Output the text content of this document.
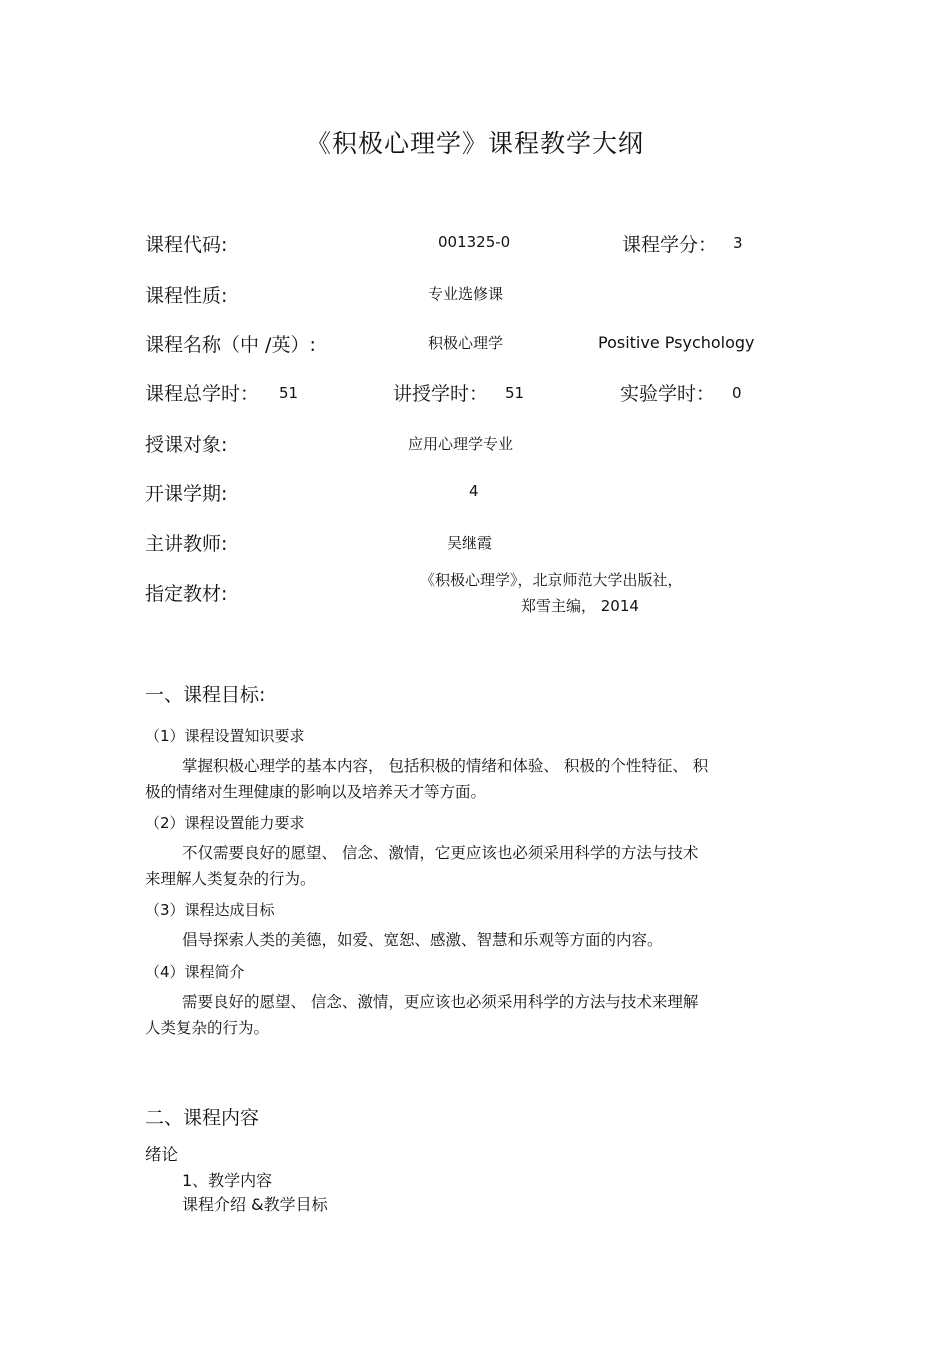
《积极心理学》课程教学大纲
课程代码:	001325-0	课程学分： 3
课程性质:	专业选修课
课程名称（中 /英）:	积极心理学	Positive Psychology
课程总学时： 51	讲授学时： 51	实验学时： 0
授课对象:	应用心理学专业
开课学期:	4
主讲教师:	吴继霞
指定教材:
《积极心理学》，北京师范大学出版社，
郑雪主编， 2014
一、课程目标:
（1）课程设置知识要求
掌握积极心理学的基本内容， 包括积极的情绪和体验、 积极的个性特征、 积
极的情绪对生理健康的影响以及培养天才等方面。
（2）课程设置能力要求
不仅需要良好的愿望、 信念、激情，它更应该也必须采用科学的方法与技术
来理解人类复杂的行为。
（3）课程达成目标
倡导探索人类的美德，如爱、宽恕、感激、智慧和乐观等方面的内容。
（4）课程简介
需要良好的愿望、 信念、激情，更应该也必须采用科学的方法与技术来理解
人类复杂的行为。
二、课程内容
绪论
1、教学内容
课程介绍 &教学目标
